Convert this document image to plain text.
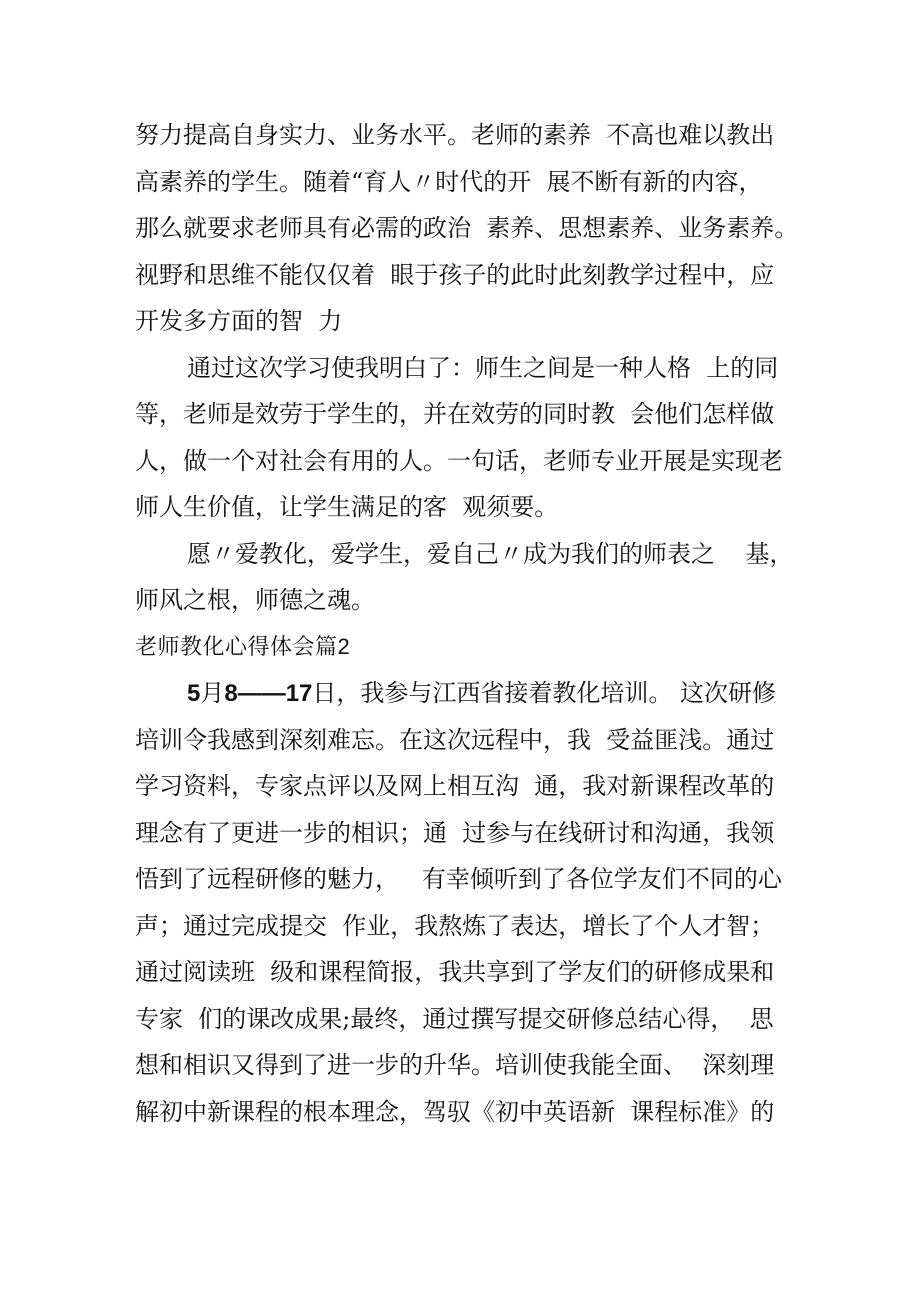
努力提高自身实力、业务水平。老师的素养  不高也难以教出
高素养的学生。随着“育人〃时代的开  展不断有新的内容，
那么就要求老师具有必需的政治  素养、思想素养、业务素养。
视野和思维不能仅仅着  眼于孩子的此时此刻教学过程中，应
开发多方面的智  力
通过这次学习使我明白了：师生之间是一种人格  上的同
等，老师是效劳于学生的，并在效劳的同时教  会他们怎样做
人，做一个对社会有用的人。一句话，老师专业开展是实现老
师人生价值，让学生满足的客  观须要。
愿〃爱教化，爱学生，爱自己〃成为我们的师表之    基，
师风之根，师德之魂。
老师教化心得体会篇2
5月8——17日，我参与江西省接着教化培训。 这次研修
培训令我感到深刻难忘。在这次远程中，我  受益匪浅。通过
学习资料，专家点评以及网上相互沟  通，我对新课程改革的
理念有了更进一步的相识；通  过参与在线研讨和沟通，我领
悟到了远程研修的魅力，   有幸倾听到了各位学友们不同的心
声；通过完成提交  作业，我熬炼了表达，增长了个人才智；
通过阅读班  级和课程简报，我共享到了学友们的研修成果和
专家  们的课改成果;最终，通过撰写提交研修总结心得，  思
想和相识又得到了进一步的升华。培训使我能全面、  深刻理
解初中新课程的根本理念，驾驭《初中英语新  课程标准》的
